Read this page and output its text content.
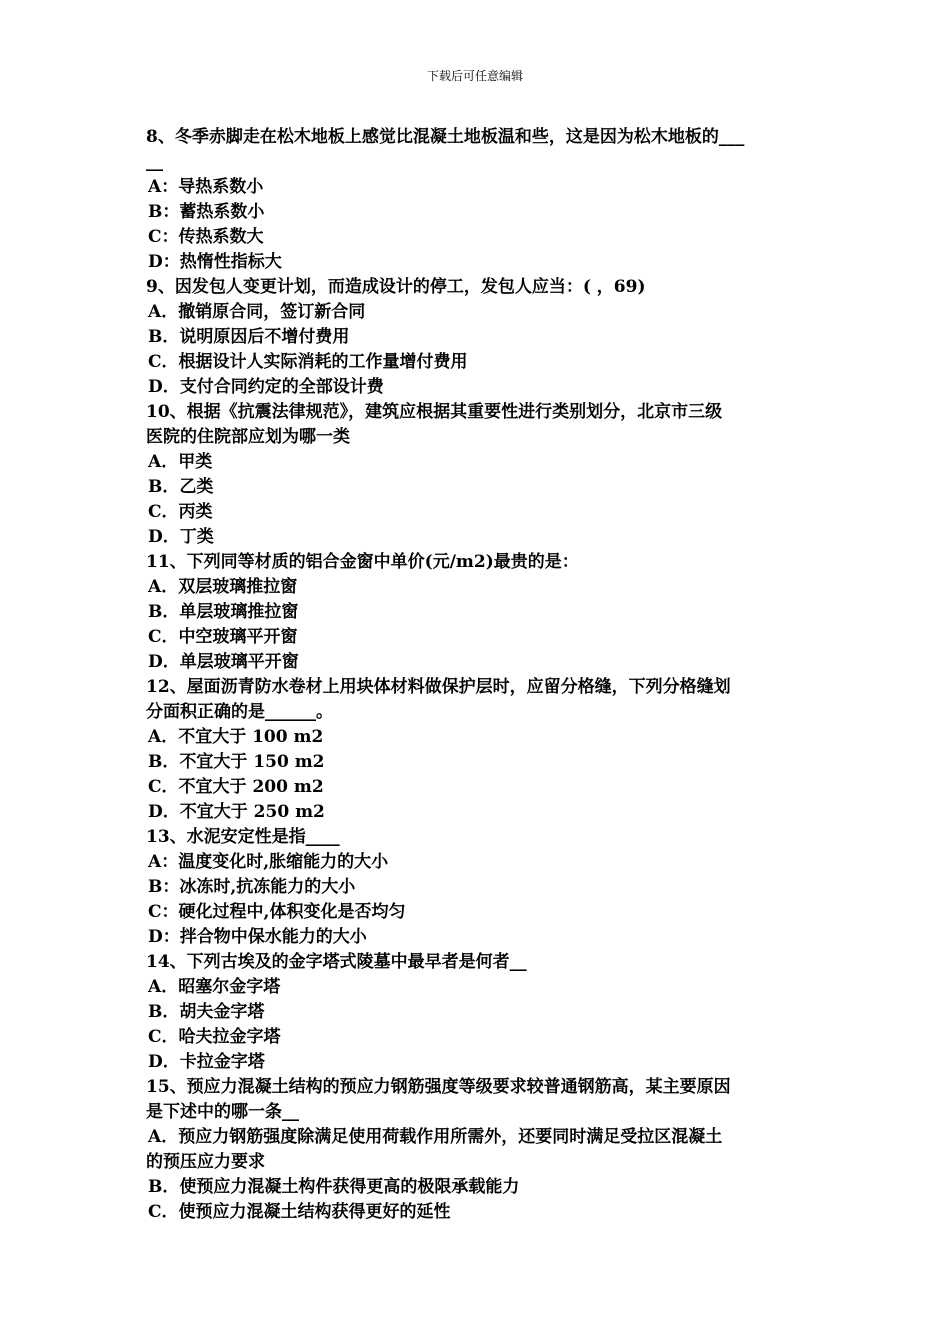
下载后可任意编辑
8、冬季赤脚走在松木地板上感觉比混凝土地板温和些，这是因为松木地板的___
__
A：导热系数小
B：蓄热系数小
C：传热系数大
D：热惰性指标大
9、因发包人变更计划，而造成设计的停工，发包人应当：( ，69)
A．撤销原合同，签订新合同
B．说明原因后不增付费用
C．根据设计人实际消耗的工作量增付费用
D．支付合同约定的全部设计费
10、根据《抗震法律规范》，建筑应根据其重要性进行类别划分，北京市三级
医院的住院部应划为哪一类
A．甲类
B．乙类
C．丙类
D．丁类
11、下列同等材质的铝合金窗中单价(元/m2)最贵的是：
A．双层玻璃推拉窗
B．单层玻璃推拉窗
C．中空玻璃平开窗
D．单层玻璃平开窗
12、屋面沥青防水卷材上用块体材料做保护层时，应留分格缝，下列分格缝划
分面积正确的是______。
A．不宜大于 100 m2
B．不宜大于 150 m2
C．不宜大于 200 m2
D．不宜大于 250 m2
13、水泥安定性是指____
A：温度变化时,胀缩能力的大小
B：冰冻时,抗冻能力的大小
C：硬化过程中,体积变化是否均匀
D：拌合物中保水能力的大小
14、下列古埃及的金字塔式陵墓中最早者是何者__
A．昭塞尔金字塔
B．胡夫金字塔
C．哈夫拉金字塔
D．卡拉金字塔
15、预应力混凝土结构的预应力钢筋强度等级要求较普通钢筋高，某主要原因
是下述中的哪一条__
A．预应力钢筋强度除满足使用荷载作用所需外，还要同时满足受拉区混凝土
的预压应力要求
B．使预应力混凝土构件获得更高的极限承载能力
C．使预应力混凝土结构获得更好的延性
